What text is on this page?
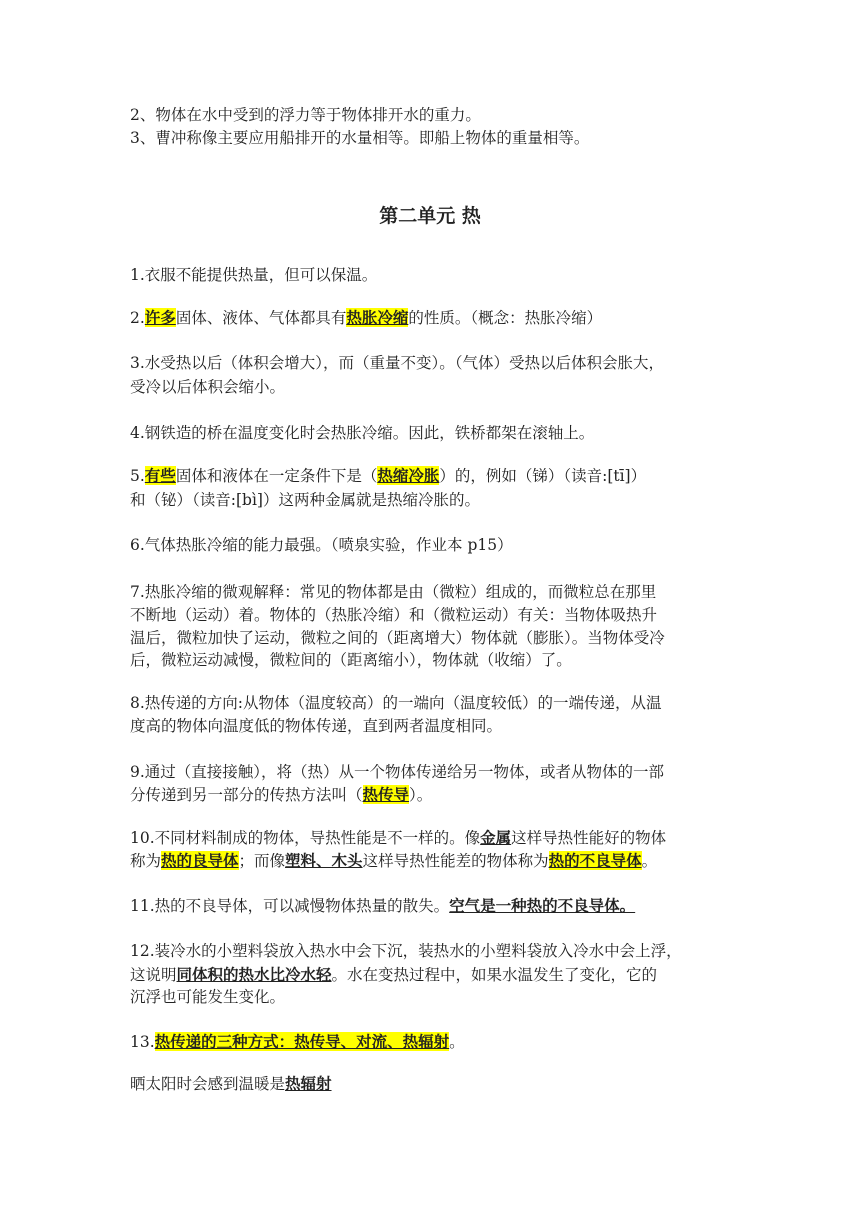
2、物体在水中受到的浮力等于物体排开水的重力。
3、曹冲称像主要应用船排开的水量相等。即船上物体的重量相等。
第二单元 热
1.衣服不能提供热量，但可以保温。
2.许多固体、液体、气体都具有热胀冷缩的性质。（概念：热胀冷缩）
3.水受热以后（体积会增大），而（重量不变）。（气体）受热以后体积会胀大，
受冷以后体积会缩小。
4.钢铁造的桥在温度变化时会热胀冷缩。因此，铁桥都架在滚轴上。
5.有些固体和液体在一定条件下是（热缩冷胀）的，例如（锑）（读音:[tī]）
和（铋）（读音:[bì]）这两种金属就是热缩冷胀的。
6.气体热胀冷缩的能力最强。（喷泉实验，作业本 p15）
7.热胀冷缩的微观解释：常见的物体都是由（微粒）组成的，而微粒总在那里
不断地（运动）着。物体的（热胀冷缩）和（微粒运动）有关：当物体吸热升
温后，微粒加快了运动，微粒之间的（距离增大）物体就（膨胀）。当物体受冷
后，微粒运动减慢，微粒间的（距离缩小），物体就（收缩）了。
8.热传递的方向:从物体（温度较高）的一端向（温度较低）的一端传递，从温
度高的物体向温度低的物体传递，直到两者温度相同。
9.通过（直接接触），将（热）从一个物体传递给另一物体，或者从物体的一部
分传递到另一部分的传热方法叫（热传导）。
10.不同材料制成的物体，导热性能是不一样的。像金属这样导热性能好的物体
称为热的良导体；而像塑料、木头这样导热性能差的物体称为热的不良导体。
11.热的不良导体，可以减慢物体热量的散失。空气是一种热的不良导体。
12.装冷水的小塑料袋放入热水中会下沉，装热水的小塑料袋放入冷水中会上浮，
这说明同体积的热水比冷水轻。水在变热过程中，如果水温发生了变化，它的
沉浮也可能发生变化。
13.热传递的三种方式：热传导、对流、热辐射。
晒太阳时会感到温暖是热辐射
